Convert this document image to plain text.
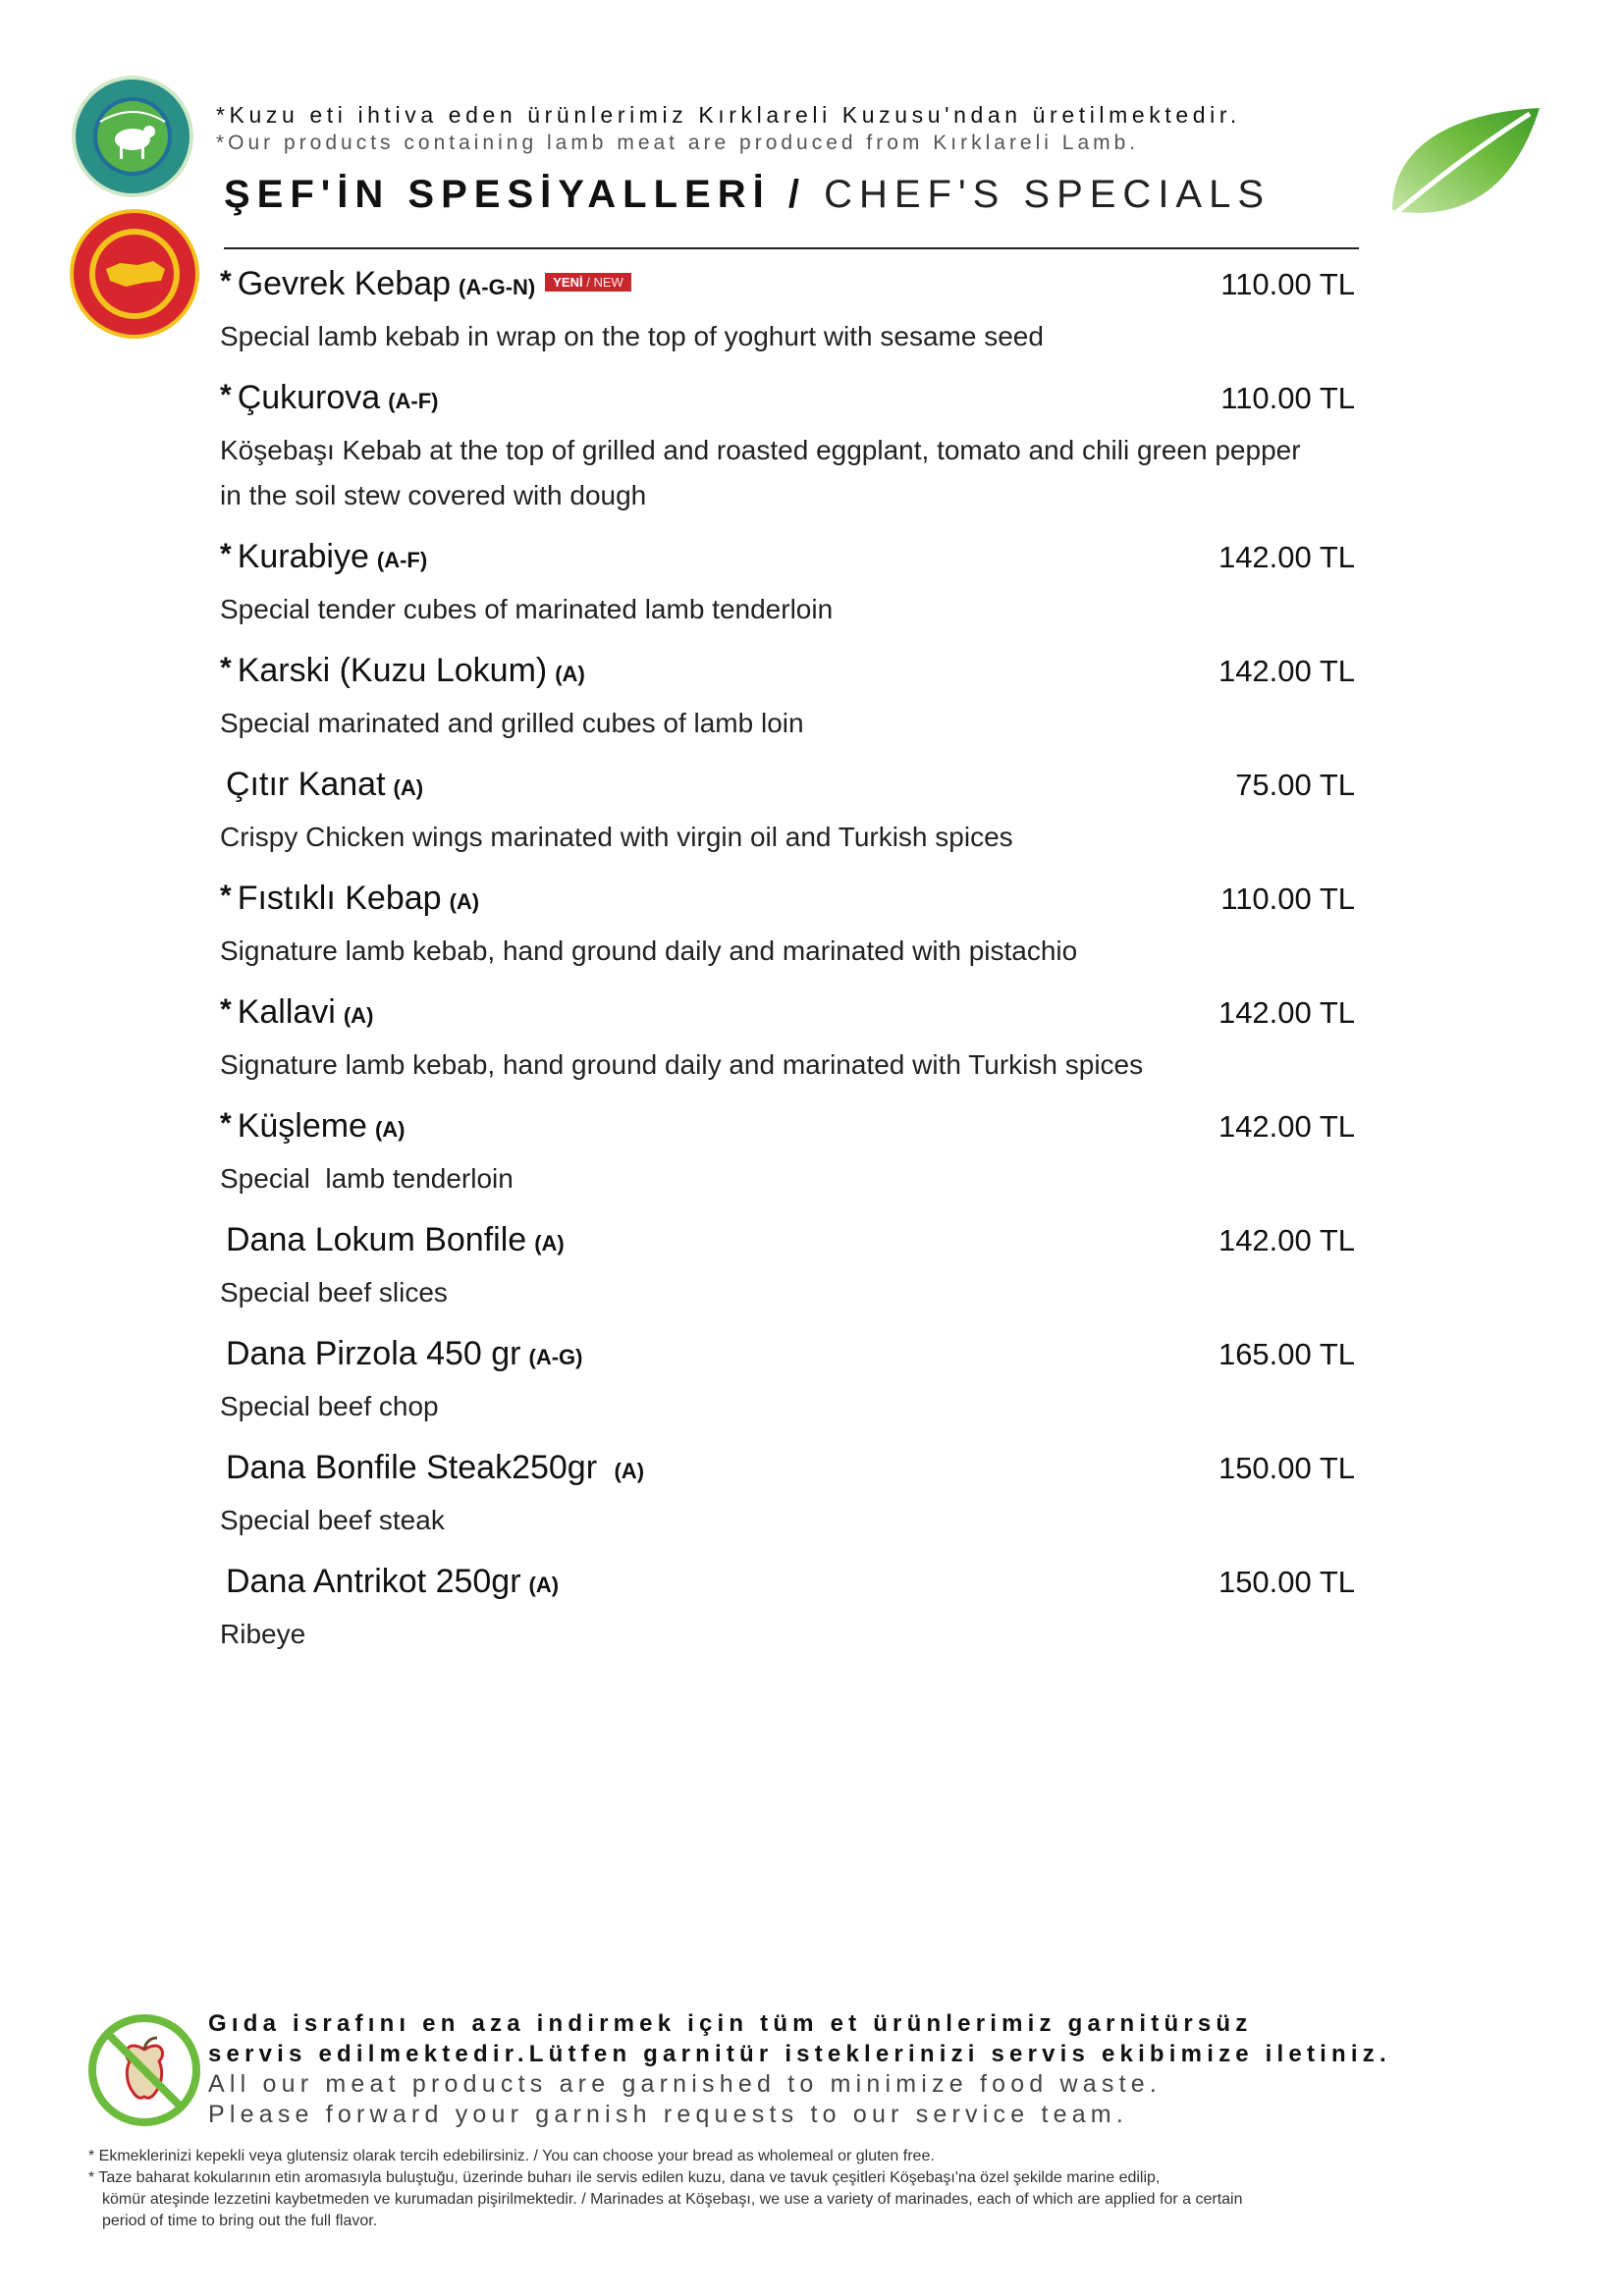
*Kuzu eti ihtiva eden ürünlerimiz Kırklareli Kuzusu'ndan üretilmektedir.
*Our products containing lamb meat are produced from Kırklareli Lamb.
ŞEF'İN SPESİYALLERİ / CHEF'S SPECIALS
* Gevrek Kebap (A-G-N) YENİ / NEW	110.00 TL
Special lamb kebab in wrap on the top of yoghurt with sesame seed
* Çukurova (A-F)	110.00 TL
Köşebaşı Kebab at the top of grilled and roasted eggplant, tomato and chili green pepper in the soil stew covered with dough
* Kurabiye (A-F)	142.00 TL
Special tender cubes of marinated lamb tenderloin
* Karski (Kuzu Lokum) (A)	142.00 TL
Special marinated and grilled cubes of lamb loin
Çıtır Kanat (A)	75.00 TL
Crispy Chicken wings marinated with virgin oil and Turkish spices
* Fıstıklı Kebap (A)	110.00 TL
Signature lamb kebab, hand ground daily and marinated with pistachio
* Kallavi (A)	142.00 TL
Signature lamb kebab, hand ground daily and marinated with Turkish spices
* Küşleme (A)	142.00 TL
Special  lamb tenderloin
Dana Lokum Bonfile (A)	142.00 TL
Special beef slices
Dana Pirzola 450 gr (A-G)	165.00 TL
Special beef chop
Dana Bonfile Steak250gr (A)	150.00 TL
Special beef steak
Dana Antrikot 250gr (A)	150.00 TL
Ribeye
Gıda israfını en aza indirmek için tüm et ürünlerimiz garnitürsüz
servis edilmektedir.Lütfen garnitür isteklerinizi servis ekibimize iletiniz.
All our meat products are garnished to minimize food waste.
Please forward your garnish requests to our service team.
* Ekmeklerinizi kepekli veya glutensiz olarak tercih edebilirsiniz. / You can choose your bread as wholemeal or gluten free.
* Taze baharat kokularının etin aromasıyla buluştuğu, üzerinde buharı ile servis edilen kuzu, dana ve tavuk çeşitleri Köşebaşı'na özel şekilde marine edilip,
kömür ateşinde lezzetini kaybetmeden ve kurumadan pişirilmektedir. / Marinades at Köşebaşı, we use a variety of marinades, each of which are applied for a certain
period of time to bring out the full flavor.
